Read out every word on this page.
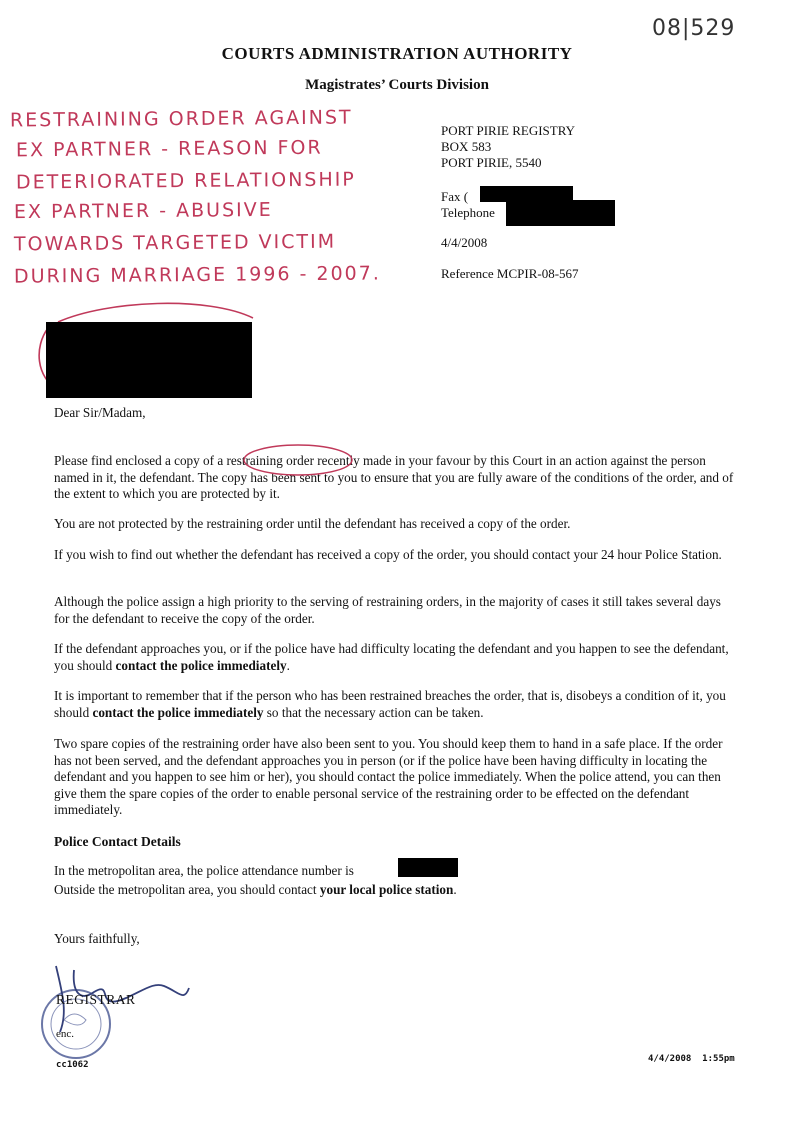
08|529
COURTS ADMINISTRATION AUTHORITY
Magistrates’ Courts Division
RESTRAINING ORDER AGAINST
EX PARTNER - REASON FOR
DETERIORATED RELATIONSHIP
EX PARTNER - ABUSIVE
TOWARDS TARGETED VICTIM
DURING MARRIAGE 1996 - 2007.
PORT PIRIE REGISTRY
BOX 583
PORT PIRIE, 5540
Fax (
Telephone
4/4/2008
Reference MCPIR-08-567
Dear Sir/Madam,
Please find enclosed a copy of a restraining order recently made in your favour by this Court in an action against the person named in it, the defendant. The copy has been sent to you to ensure that you are fully aware of the conditions of the order, and of the extent to which you are protected by it.
You are not protected by the restraining order until the defendant has received a copy of the order.
If you wish to find out whether the defendant has received a copy of the order, you should contact your 24 hour Police Station.
Although the police assign a high priority to the serving of restraining orders, in the majority of cases it still takes several days for the defendant to receive the copy of the order.
If the defendant approaches you, or if the police have had difficulty locating the defendant and you happen to see the defendant, you should contact the police immediately.
It is important to remember that if the person who has been restrained breaches the order, that is, disobeys a condition of it, you should contact the police immediately so that the necessary action can be taken.
Two spare copies of the restraining order have also been sent to you. You should keep them to hand in a safe place. If the order has not been served, and the defendant approaches you in person (or if the police have been having difficulty in locating the defendant and you happen to see him or her), you should contact the police immediately. When the police attend, you can then give them the spare copies of the order to enable personal service of the restraining order to be effected on the defendant immediately.
Police Contact Details
In the metropolitan area, the police attendance number is
Outside the metropolitan area, you should contact your local police station.
Yours faithfully,
REGISTRAR
enc.
cc1062
4/4/2008  1:55pm
